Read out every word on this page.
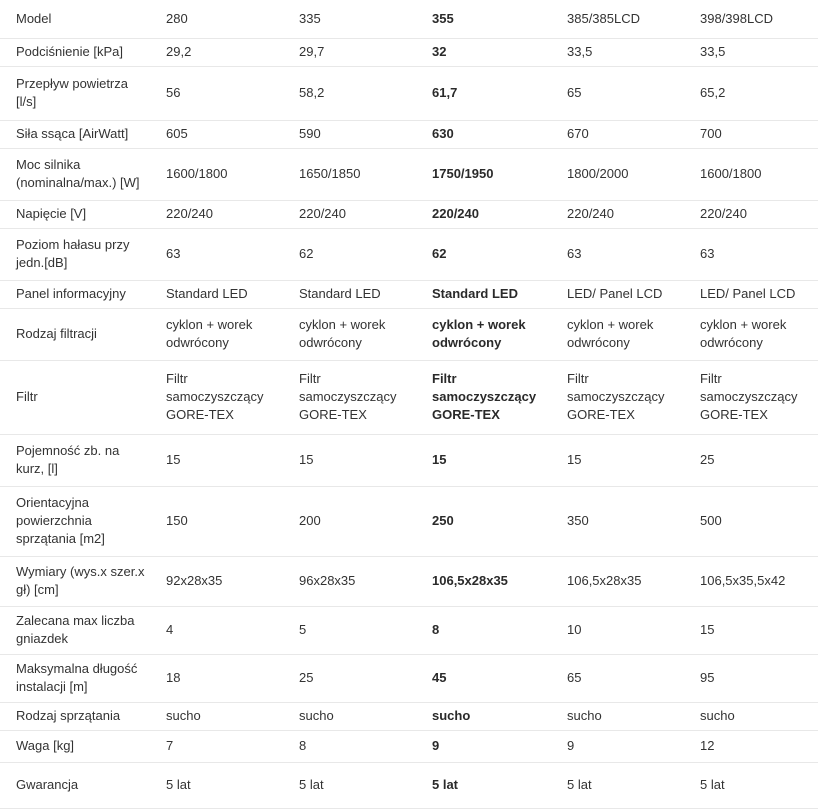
Model	280	335	355	385/385LCD	398/398LCD
Podciśnienie [kPa]	29,2	29,7	32	33,5	33,5
Przepływ powietrza [l/s]	56	58,2	61,7	65	65,2
Siła ssąca [AirWatt]	605	590	630	670	700
Moc silnika (nominalna/max.) [W]	1600/1800	1650/1850	1750/1950	1800/2000	1600/1800
Napięcie [V]	220/240	220/240	220/240	220/240	220/240
Poziom hałasu przy jedn.[dB]	63	62	62	63	63
Panel informacyjny	Standard LED	Standard LED	Standard LED	LED/ Panel LCD	LED/ Panel LCD
Rodzaj filtracji	cyklon + worek odwrócony	cyklon + worek odwrócony	cyklon + worek odwrócony	cyklon + worek odwrócony	cyklon + worek odwrócony
Filtr	Filtr samoczyszczący GORE-TEX	Filtr samoczyszczący GORE-TEX	Filtr samoczyszczący GORE-TEX	Filtr samoczyszczący GORE-TEX	Filtr samoczyszczący GORE-TEX
Pojemność zb. na kurz, [l]	15	15	15	15	25
Orientacyjna powierzchnia sprzątania [m2]	150	200	250	350	500
Wymiary (wys.x szer.x gł) [cm]	92x28x35	96x28x35	106,5x28x35	106,5x28x35	106,5x35,5x42
Zalecana max liczba gniazdek	4	5	8	10	15
Maksymalna długość instalacji [m]	18	25	45	65	95
Rodzaj sprzątania	sucho	sucho	sucho	sucho	sucho
Waga [kg]	7	8	9	9	12
Gwarancja	5 lat	5 lat	5 lat	5 lat	5 lat
